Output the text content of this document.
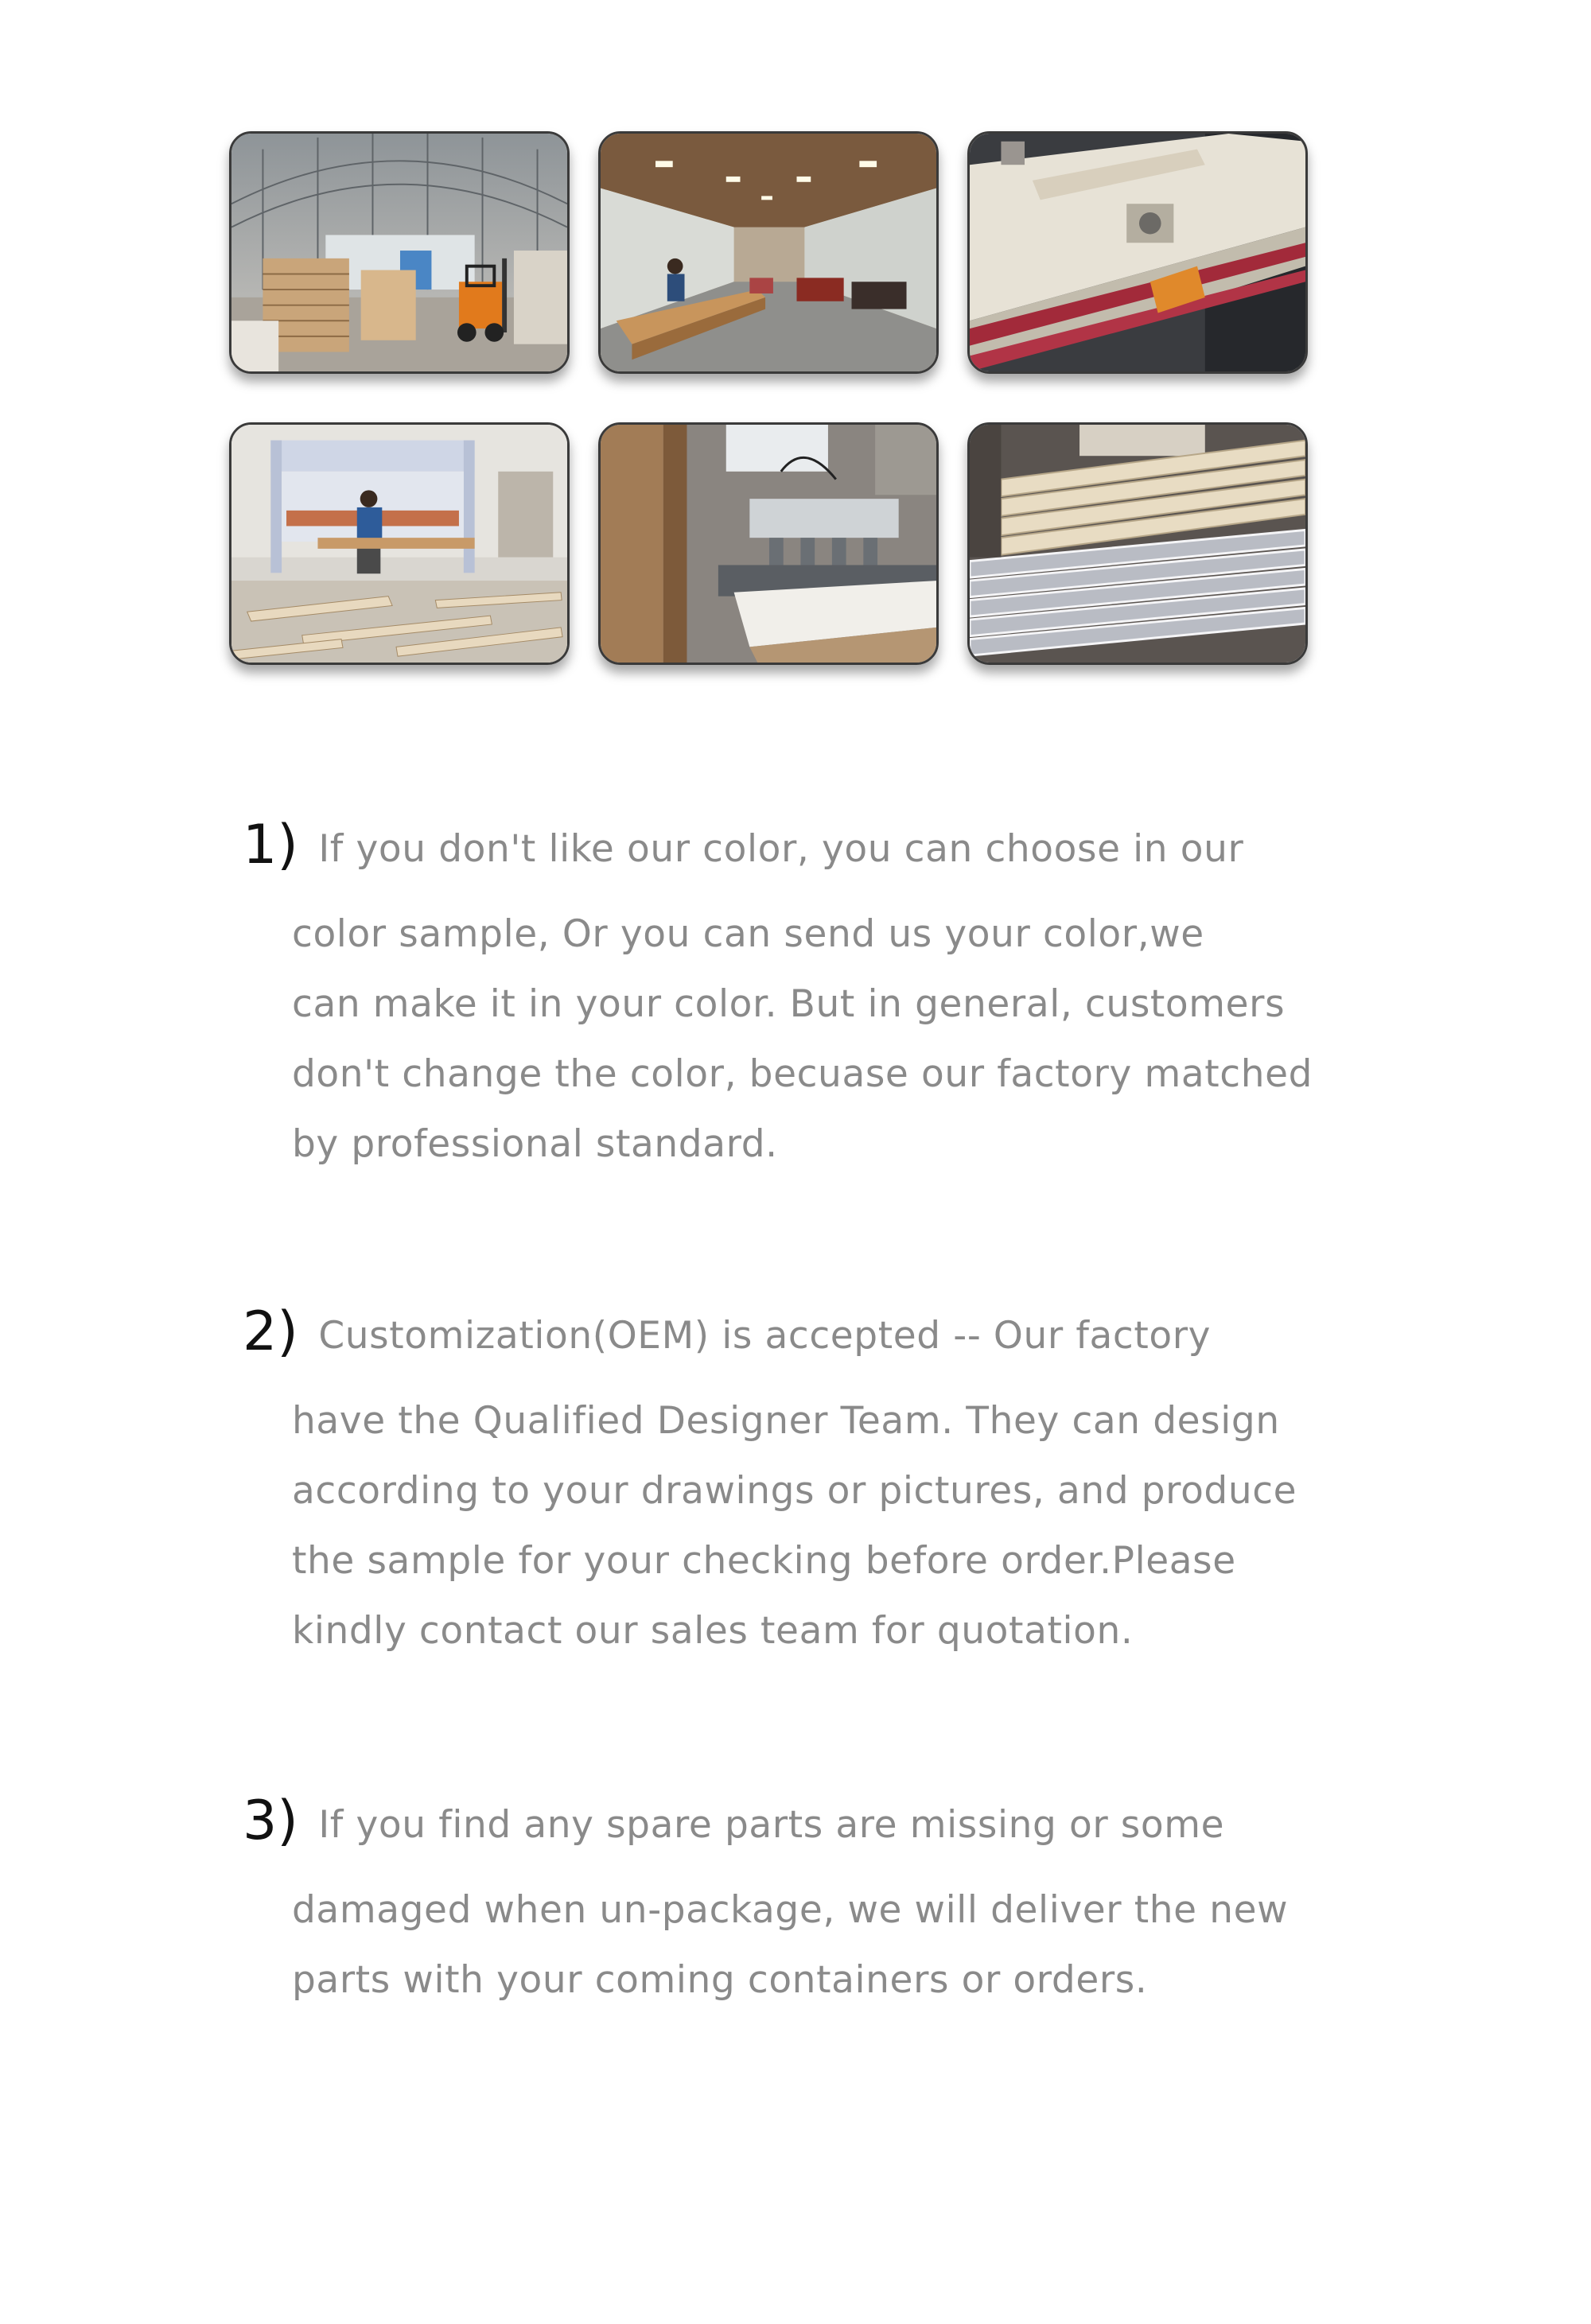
1) If you don't like our color, you can choose in our
color sample, Or you can send us your color,we
can make it in your color. But in general, customers
don't change the color, becuase our factory matched
by professional standard.
2) Customization(OEM) is accepted -- Our factory
have the Qualified Designer Team. They can design
according to your drawings or pictures, and produce
the sample for your checking before order.Please
kindly contact our sales team for quotation.
3) If you find any spare parts are missing or some
damaged when un-package, we will deliver the new
parts with your coming containers or orders.
